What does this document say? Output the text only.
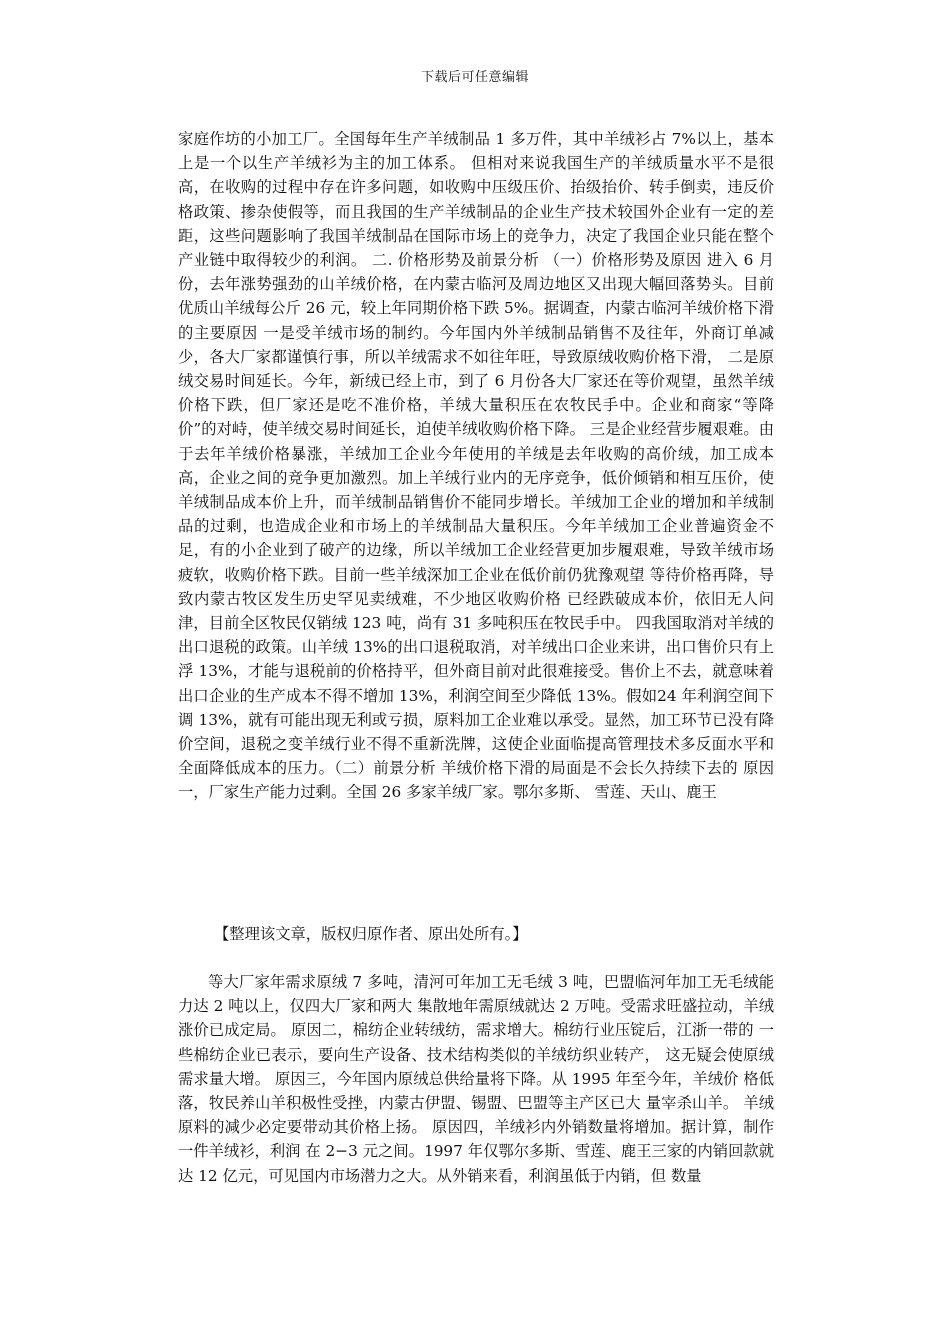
下载后可任意编辑
家庭作坊的小加工厂。全国每年生产羊绒制品 1 多万件，其中羊绒衫占 7%以上，基本上是一个以生产羊绒衫为主的加工体系。 但相对来说我国生产的羊绒质量水平不是很高，在收购的过程中存在许多问题，如收购中压级压价、抬级抬价、转手倒卖，违反价格政策、掺杂使假等，而且我国的生产羊绒制品的企业生产技术较国外企业有一定的差距，这些问题影响了我国羊绒制品在国际市场上的竞争力，决定了我国企业只能在整个产业链中取得较少的利润。 二. 价格形势及前景分析 （一）价格形势及原因 进入 6 月份，去年涨势强劲的山羊绒价格，在内蒙古临河及周边地区又出现大幅回落势头。目前优质山羊绒每公斤 26 元，较上年同期价格下跌 5%。据调查，内蒙古临河羊绒价格下滑的主要原因 一是受羊绒市场的制约。今年国内外羊绒制品销售不及往年，外商订单减少，各大厂家都谨慎行事，所以羊绒需求不如往年旺，导致原绒收购价格下滑， 二是原绒交易时间延长。今年，新绒已经上市，到了 6 月份各大厂家还在等价观望，虽然羊绒价格下跌，但厂家还是吃不准价格，羊绒大量积压在农牧民手中。企业和商家“等降价”的对峙，使羊绒交易时间延长，迫使羊绒收购价格下降。 三是企业经营步履艰难。由于去年羊绒价格暴涨，羊绒加工企业今年使用的羊绒是去年收购的高价绒，加工成本高，企业之间的竞争更加激烈。加上羊绒行业内的无序竞争，低价倾销和相互压价，使羊绒制品成本价上升，而羊绒制品销售价不能同步增长。羊绒加工企业的增加和羊绒制品的过剩，也造成企业和市场上的羊绒制品大量积压。今年羊绒加工企业普遍资金不足，有的小企业到了破产的边缘，所以羊绒加工企业经营更加步履艰难，导致羊绒市场疲软，收购价格下跌。目前一些羊绒深加工企业在低价前仍犹豫观望 等待价格再降，导致内蒙古牧区发生历史罕见卖绒难，不少地区收购价格 已经跌破成本价，依旧无人问津，目前全区牧民仅销绒 123 吨，尚有 31 多吨积压在牧民手中。 四我国取消对羊绒的出口退税的政策。山羊绒 13%的出口退税取消，对羊绒出口企业来讲，出口售价只有上浮 13%，才能与退税前的价格持平，但外商目前对此很难接受。售价上不去，就意味着出口企业的生产成本不得不增加 13%，利润空间至少降低 13%。假如24 年利润空间下调 13%，就有可能出现无利或亏损，原料加工企业难以承受。显然，加工环节已没有降价空间，退税之变羊绒行业不得不重新洗牌，这使企业面临提高管理技术多反面水平和全面降低成本的压力。（二）前景分析 羊绒价格下滑的局面是不会长久持续下去的 原因一，厂家生产能力过剩。全国 26 多家羊绒厂家。鄂尔多斯、 雪莲、天山、鹿王
【整理该文章，版权归原作者、原出处所有。】
等大厂家年需求原绒 7 多吨，清河可年加工无毛绒 3 吨，巴盟临河年加工无毛绒能力达 2 吨以上，仅四大厂家和两大 集散地年需原绒就达 2 万吨。受需求旺盛拉动，羊绒涨价已成定局。 原因二，棉纺企业转绒纺，需求增大。棉纺行业压锭后，江浙一带的 一些棉纺企业已表示，要向生产设备、技术结构类似的羊绒纺织业转产， 这无疑会使原绒需求量大增。 原因三，今年国内原绒总供给量将下降。从 1995 年至今年，羊绒价 格低落，牧民养山羊积极性受挫，内蒙古伊盟、锡盟、巴盟等主产区已大 量宰杀山羊。 羊绒原料的减少必定要带动其价格上扬。 原因四，羊绒衫内外销数量将增加。据计算，制作一件羊绒衫，利润 在 2−3 元之间。1997 年仅鄂尔多斯、雪莲、鹿王三家的内销回款就达 12 亿元，可见国内市场潜力之大。从外销来看，利润虽低于内销，但 数量
